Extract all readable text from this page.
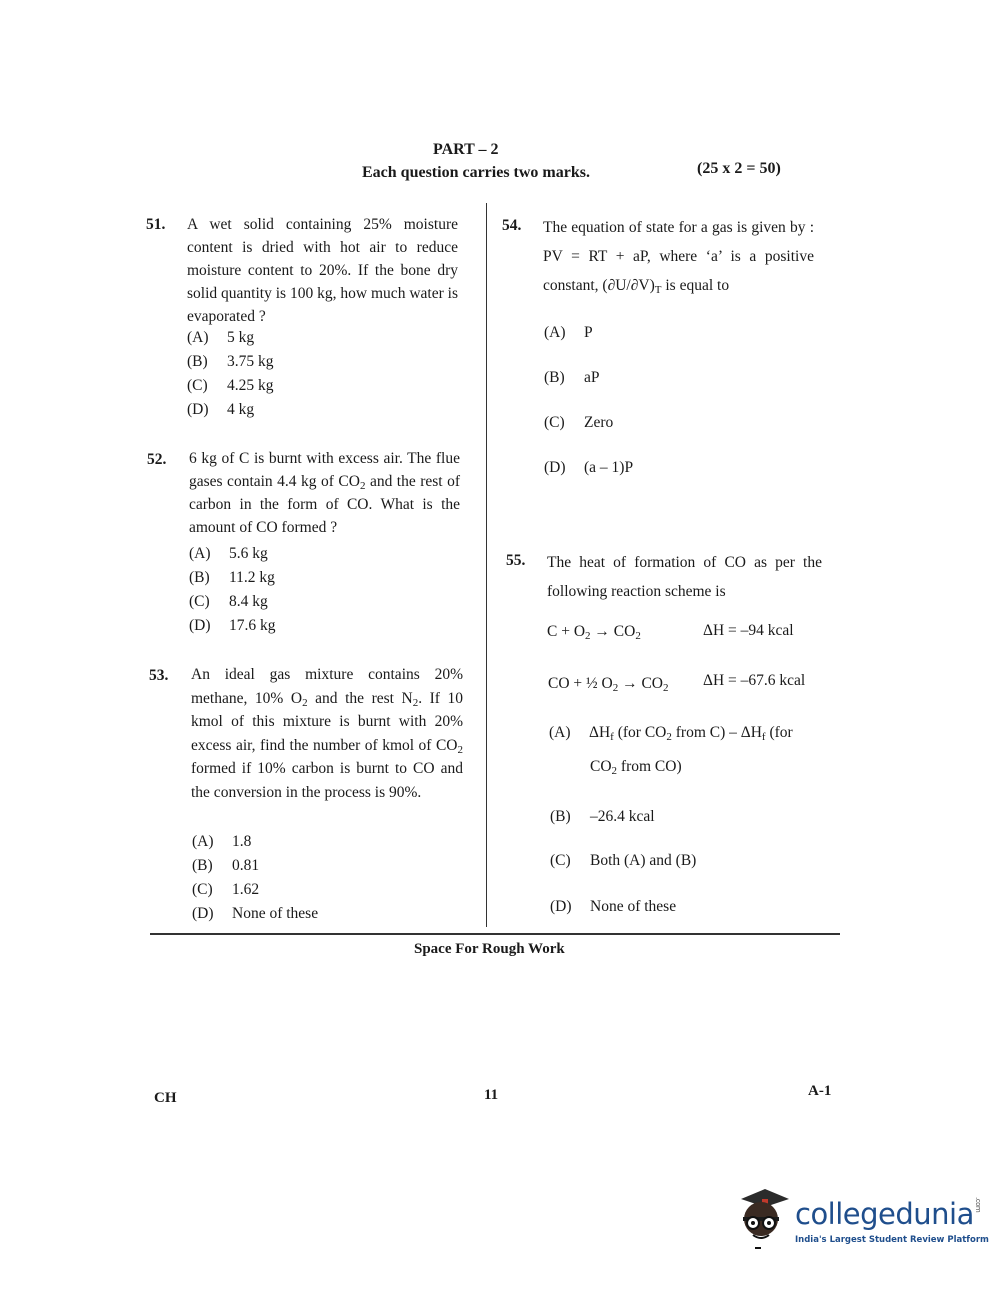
PART – 2
Each question carries two marks.	(25 x 2 = 50)
51. A wet solid containing 25% moisture content is dried with hot air to reduce moisture content to 20%. If the bone dry solid quantity is 100 kg, how much water is evaporated ?
(A) 5 kg
(B) 3.75 kg
(C) 4.25 kg
(D) 4 kg
52. 6 kg of C is burnt with excess air. The flue gases contain 4.4 kg of $CO_2$ and the rest of carbon in the form of CO. What is the amount of CO formed ?
(A) 5.6 kg
(B) 11.2 kg
(C) 8.4 kg
(D) 17.6 kg
53. An ideal gas mixture contains 20% methane, 10% $O_2$ and the rest $N_2$. If 10 kmol of this mixture is burnt with 20% excess air, find the number of kmol of $CO_2$ formed if 10% carbon is burnt to CO and the conversion in the process is 90%.
(A) 1.8
(B) 0.81
(C) 1.62
(D) None of these
54. The equation of state for a gas is given by : PV = RT + aP, where ‘a’ is a positive constant, $(\partial U/\partial V)_T$ is equal to
(A) P
(B) aP
(C) Zero
(D) (a – 1)P
55. The heat of formation of CO as per the following reaction scheme is
$C + O_2 \to CO_2$	ΔH = –94 kcal
CO + ½ $O_2 \to CO_2$ ΔH = –67.6 kcal
(A) $\Delta H_f$ (for $CO_2$ from $C) - \Delta H_f$ (for
$CO_2$ from CO)
(B) –26.4 kcal
(C) Both (A) and (B)
(D) None of these
Space For Rough Work
CH	11	A-1
collegedunia.com
India's Largest Student Review Platform
